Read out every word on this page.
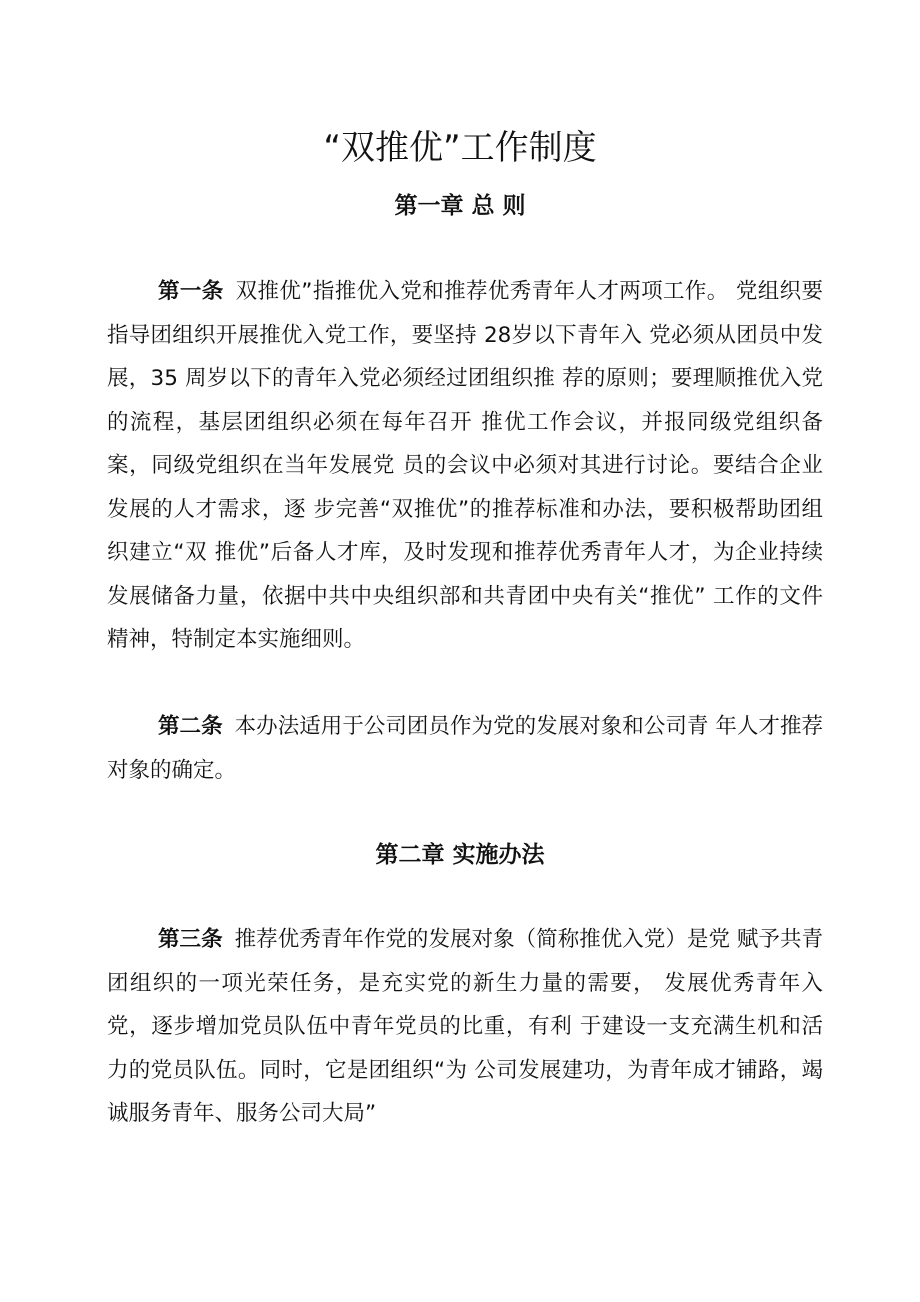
“双推优”工作制度
第一章 总 则

第一条 双推优”指推优入党和推荐优秀青年人才两项工作。 党组织要指导团组织开展推优入党工作，要坚持 28岁以下青年入 党必须从团员中发展，35 周岁以下的青年入党必须经过团组织推 荐的原则；要理顺推优入党的流程，基层团组织必须在每年召开 推优工作会议，并报同级党组织备案，同级党组织在当年发展党 员的会议中必须对其进行讨论。要结合企业发展的人才需求，逐 步完善“双推优”的推荐标准和办法，要积极帮助团组织建立“双 推优”后备人才库，及时发现和推荐优秀青年人才，为企业持续 发展储备力量，依据中共中央组织部和共青团中央有关“推优” 工作的文件精神，特制定本实施细则。

第二条 本办法适用于公司团员作为党的发展对象和公司青 年人才推荐对象的确定。

第二章 实施办法

第三条 推荐优秀青年作党的发展对象（简称推优入党）是党 赋予共青团组织的一项光荣任务，是充实党的新生力量的需要， 发展优秀青年入党，逐步增加党员队伍中青年党员的比重，有利 于建设一支充满生机和活力的党员队伍。同时，它是团组织“为 公司发展建功，为青年成才铺路，竭诚服务青年、服务公司大局”
